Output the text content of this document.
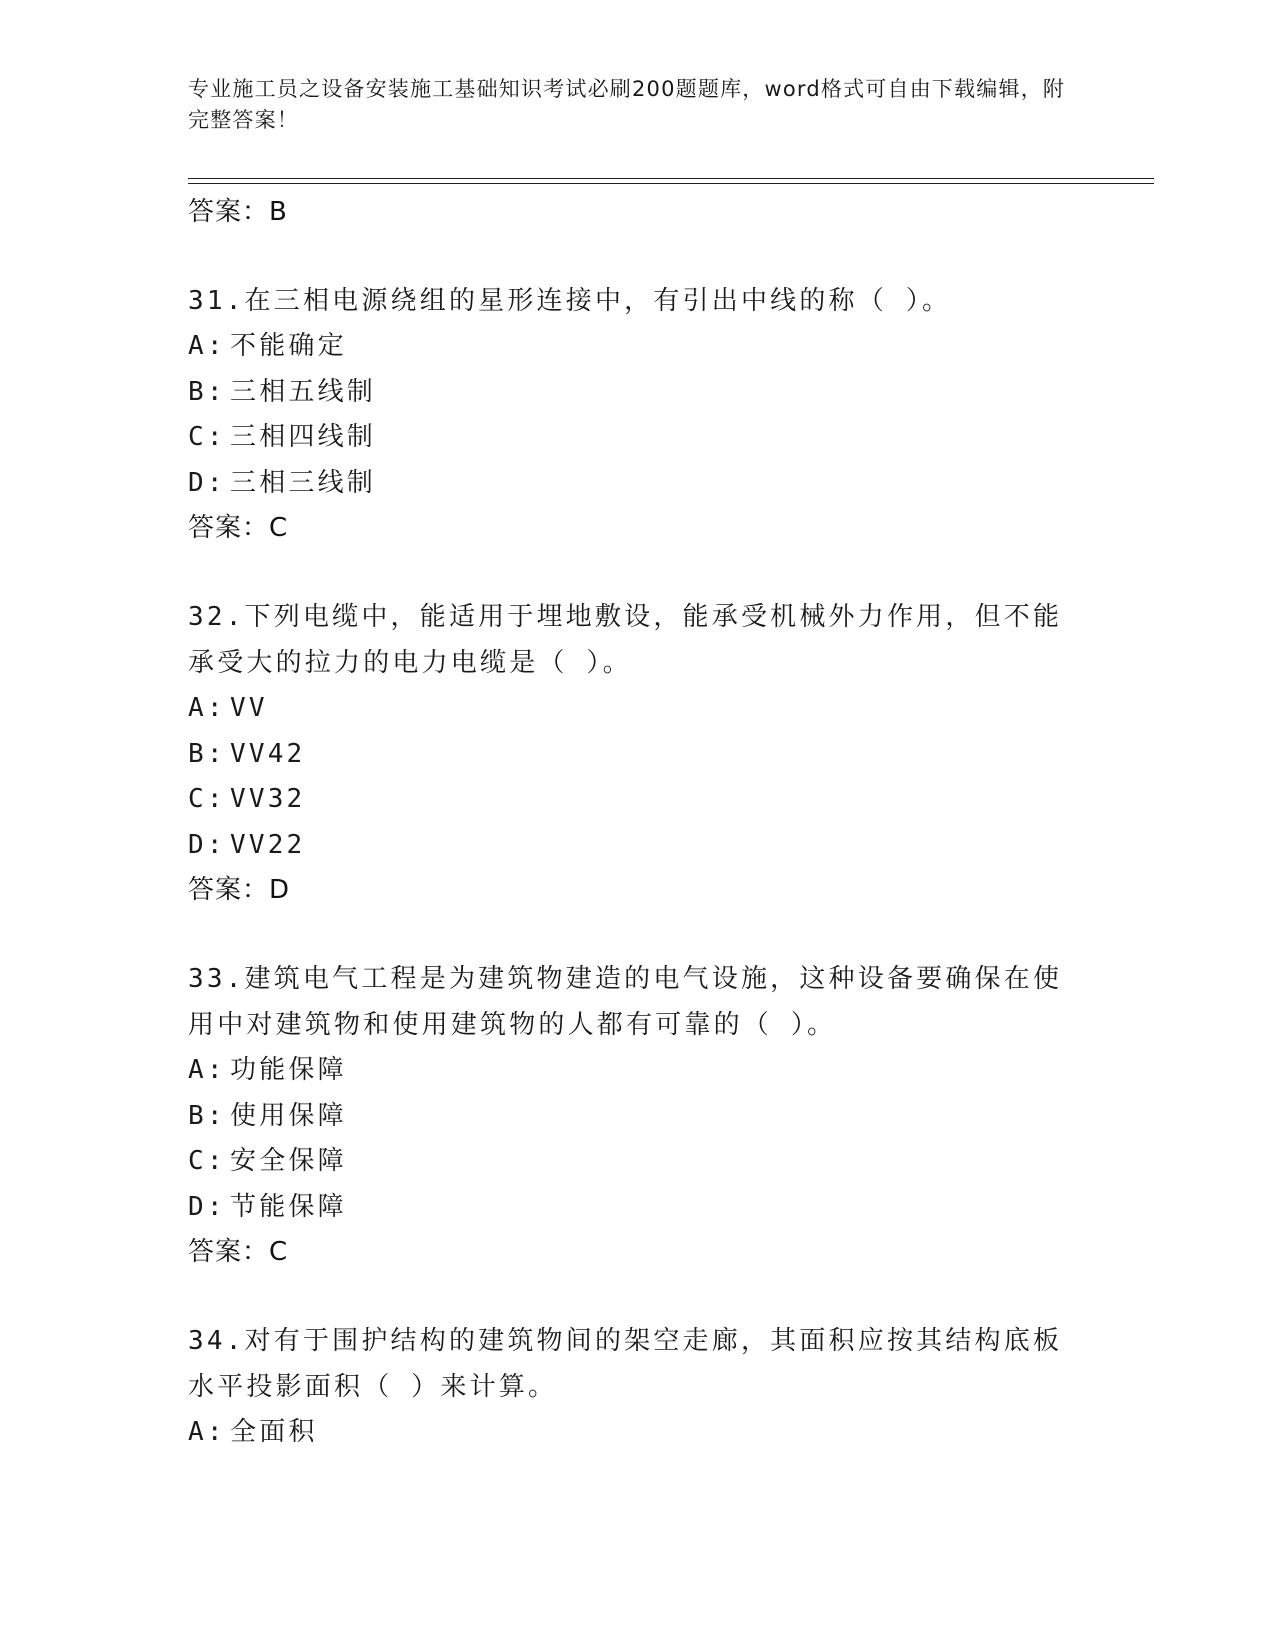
专业施工员之设备安装施工基础知识考试必刷200题题库，word格式可自由下载编辑，附完整答案！
答案：B
31.在三相电源绕组的星形连接中，有引出中线的称（ ）。
A: 不能确定
B: 三相五线制
C: 三相四线制
D: 三相三线制
答案：C
32.下列电缆中，能适用于埋地敷设，能承受机械外力作用，但不能承受大的拉力的电力电缆是（ ）。
A: VV
B: VV42
C: VV32
D: VV22
答案：D
33.建筑电气工程是为建筑物建造的电气设施，这种设备要确保在使用中对建筑物和使用建筑物的人都有可靠的（ ）。
A: 功能保障
B: 使用保障
C: 安全保障
D: 节能保障
答案：C
34.对有于围护结构的建筑物间的架空走廊，其面积应按其结构底板水平投影面积（ ）来计算。
A: 全面积
